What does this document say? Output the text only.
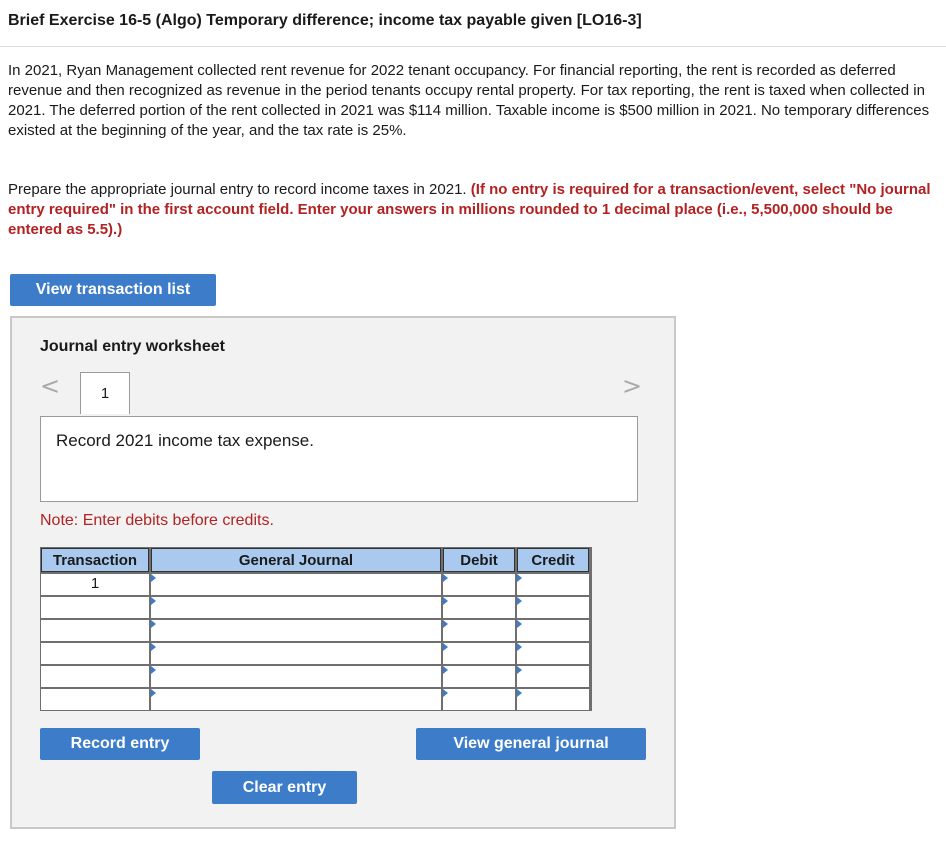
Brief Exercise 16-5 (Algo) Temporary difference; income tax payable given [LO16-3]

In 2021, Ryan Management collected rent revenue for 2022 tenant occupancy. For financial reporting, the rent is recorded as deferred revenue and then recognized as revenue in the period tenants occupy rental property. For tax reporting, the rent is taxed when collected in 2021. The deferred portion of the rent collected in 2021 was $114 million. Taxable income is $500 million in 2021. No temporary differences existed at the beginning of the year, and the tax rate is 25%.

Prepare the appropriate journal entry to record income taxes in 2021. (If no entry is required for a transaction/event, select "No journal entry required" in the first account field. Enter your answers in millions rounded to 1 decimal place (i.e., 5,500,000 should be entered as 5.5).)

View transaction list
Journal entry worksheet
<	1	>
Record 2021 income tax expense.
Note: Enter debits before credits.
Transaction	General Journal	Debit	Credit
1
Record entry	View general journal
Clear entry
